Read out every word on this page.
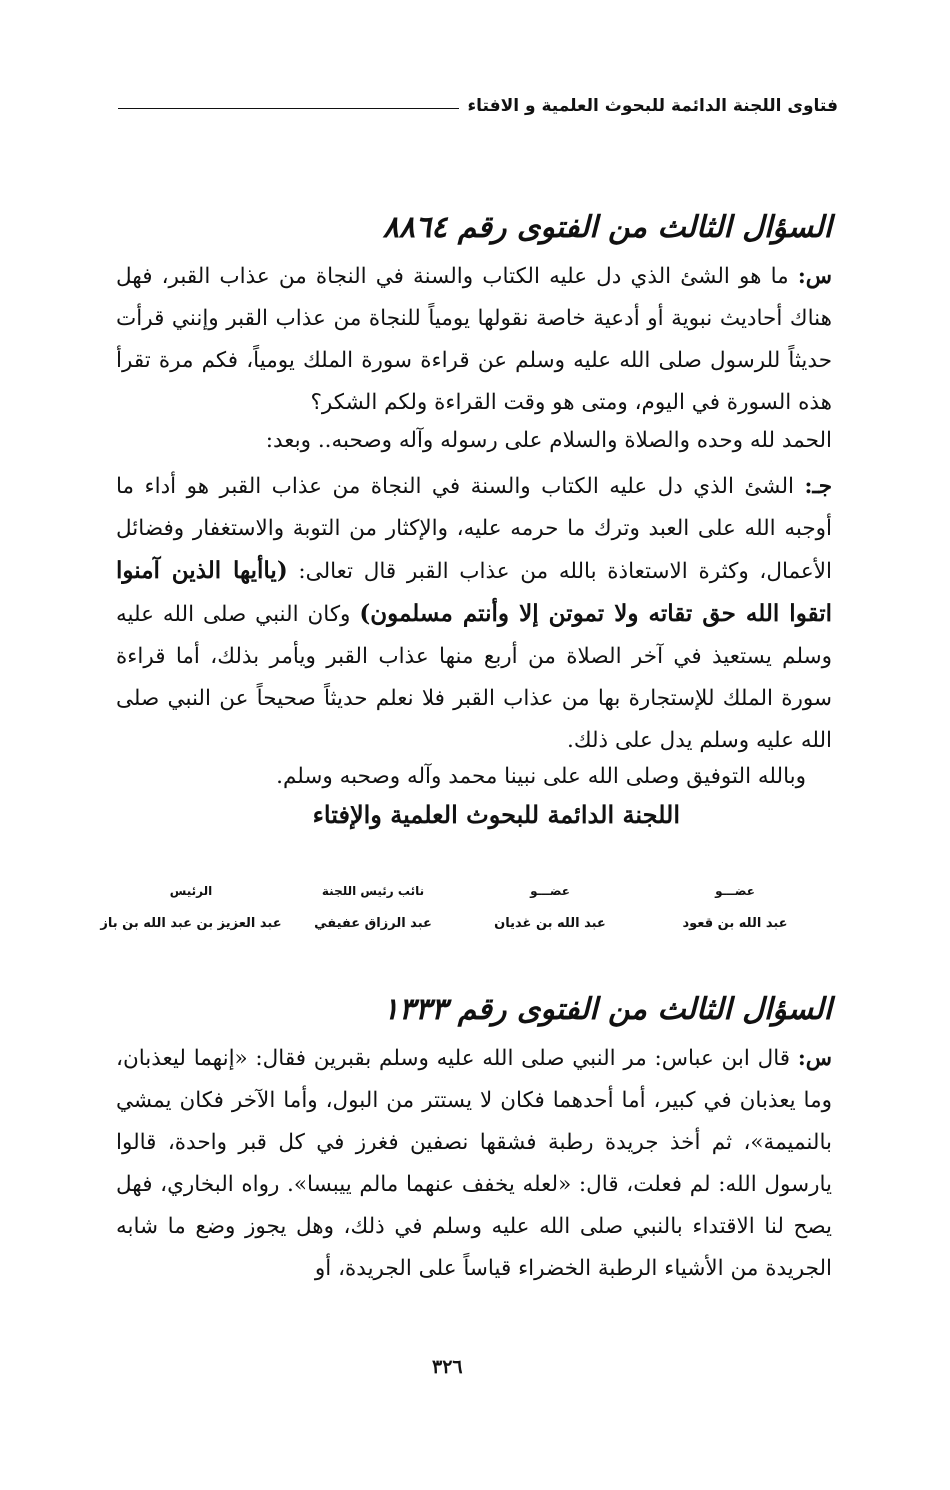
فتاوى اللجنة الدائمة للبحوث العلمية و الافتاء
السؤال الثالث من الفتوى رقم ٨٨٦٤
س: ما هو الشئ الذي دل عليه الكتاب والسنة في النجاة من عذاب القبر، فهل هناك أحاديث نبوية أو أدعية خاصة نقولها يومياً للنجاة من عذاب القبر وإنني قرأت حديثاً للرسول صلى الله عليه وسلم عن قراءة سورة الملك يومياً، فكم مرة تقرأ هذه السورة في اليوم، ومتى هو وقت القراءة ولكم الشكر؟
الحمد لله وحده والصلاة والسلام على رسوله وآله وصحبه.. وبعد:
جـ: الشئ الذي دل عليه الكتاب والسنة في النجاة من عذاب القبر هو أداء ما أوجبه الله على العبد وترك ما حرمه عليه، والإكثار من التوبة والاستغفار وفضائل الأعمال، وكثرة الاستعاذة بالله من عذاب القبر قال تعالى: (ياأيها الذين آمنوا اتقوا الله حق تقاته ولا تموتن إلا وأنتم مسلمون) وكان النبي صلى الله عليه وسلم يستعيذ في آخر الصلاة من أربع منها عذاب القبر ويأمر بذلك، أما قراءة سورة الملك للإستجارة بها من عذاب القبر فلا نعلم حديثاً صحيحاً عن النبي صلى الله عليه وسلم يدل على ذلك.
وبالله التوفيق وصلى الله على نبينا محمد وآله وصحبه وسلم.
اللجنة الدائمة للبحوث العلمية والإفتاء
الرئيس
عبد العزيز بن عبد الله بن باز
نائب رئيس اللجنة
عبد الرزاق عفيفي
عضـــو
عبد الله بن غديان
عضـــو
عبد الله بن قعود
السؤال الثالث من الفتوى رقم ١٣٣٣
س: قال ابن عباس: مر النبي صلى الله عليه وسلم بقبرين فقال: «إنهما ليعذبان، وما يعذبان في كبير، أما أحدهما فكان لا يستتر من البول، وأما الآخر فكان يمشي بالنميمة»، ثم أخذ جريدة رطبة فشقها نصفين فغرز في كل قبر واحدة، قالوا يارسول الله: لم فعلت، قال: «لعله يخفف عنهما مالم ييبسا». رواه البخاري، فهل يصح لنا الاقتداء بالنبي صلى الله عليه وسلم في ذلك، وهل يجوز وضع ما شابه الجريدة من الأشياء الرطبة الخضراء قياساً على الجريدة، أو
٣٢٦
